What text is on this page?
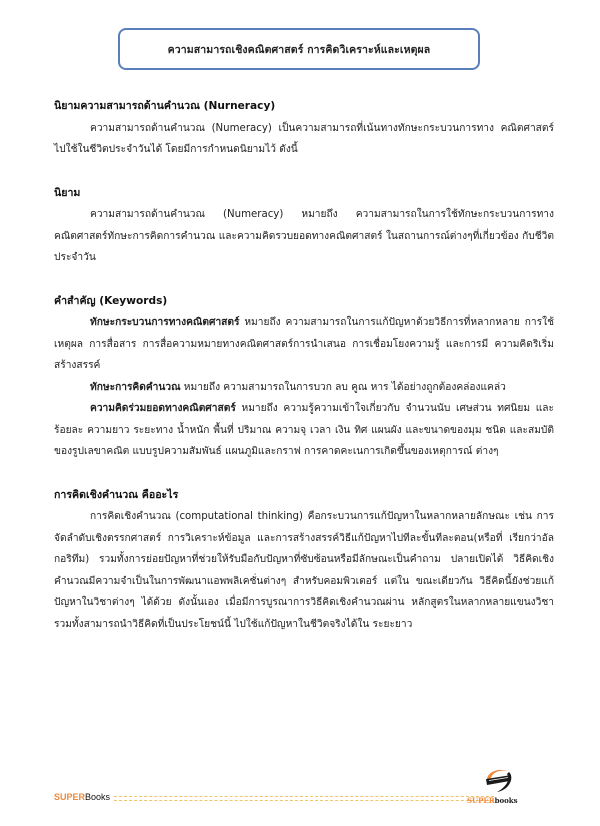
ความสามารถเชิงคณิตศาสตร์ การคิดวิเคราะห์และเหตุผล
นิยามความสามารถด้านคำนวณ (Nurneracy)
ความสามารถด้านคำนวณ (Numeracy) เป็นความสามารถที่เน้นทางทักษะกระบวนการทาง คณิตศาสตร์ไปใช้ในชีวิตประจำวันได้ โดยมีการกำหนดนิยามไว้ ดังนี้
นิยาม
ความสามารถด้านคำนวณ (Numeracy) หมายถึง ความสามารถในการใช้ทักษะกระบวนการทาง คณิตศาสตร์ทักษะการคิดการคำนวณ และความคิดรวบยอดทางคณิตศาสตร์ ในสถานการณ์ต่างๆที่เกี่ยวข้อง กับชีวิตประจำวัน
คำสำคัญ (Keywords)
ทักษะกระบวนการทางคณิตศาสตร์ หมายถึง ความสามารถในการแก้ปัญหาด้วยวิธีการที่หลากหลาย การใช้เหตุผล การสื่อสาร การสื่อความหมายทางคณิตศาสตร์การนำเสนอ การเชื่อมโยงความรู้ และการมี ความคิดริเริ่มสร้างสรรค์
ทักษะการคิดคำนวณ หมายถึง ความสามารถในการบวก ลบ คูณ หาร ได้อย่างถูกต้องคล่องแคล่ว
ความคิดร่วมยอดทางคณิตศาสตร์ หมายถึง ความรู้ความเข้าใจเกี่ยวกับ จำนวนนับ เศษส่วน ทศนิยม และร้อยละ ความยาว ระยะทาง น้ำหนัก พื้นที่ ปริมาณ ความจุ เวลา เงิน ทิศ แผนผัง และขนาดของมุม ชนิด และสมบัติของรูปเลขาคณิต แบบรูปความสัมพันธ์ แผนภูมิและกราฟ การคาดคะเนการเกิดขึ้นของเหตุการณ์ ต่างๆ
การคิดเชิงคำนวณ คืออะไร
การคิดเชิงคำนวณ (computational thinking) คือกระบวนการแก้ปัญหาในหลากหลายลักษณะ เช่น การจัดลำดับเชิงตรรกศาสตร์ การวิเคราะห์ข้อมูล และการสร้างสรรค์วิธีแก้ปัญหาไปทีละขั้นทีละตอน(หรือที่ เรียกว่าอัลกอริทึม) รวมทั้งการย่อยปัญหาที่ช่วยให้รับมือกับปัญหาที่ซับซ้อนหรือมีลักษณะเป็นคำถาม ปลายเปิดได้ วิธีคิดเชิงคำนวณมีความจำเป็นในการพัฒนาแอพพลิเคชั่นต่างๆ สำหรับคอมพิวเตอร์ แต่ใน ขณะเดียวกัน วิธีคิดนี้ยังช่วยแก้ปัญหาในวิชาต่างๆ ได้ด้วย ดังนั้นเอง เมื่อมีการบูรณาการวิธีคิดเชิงคำนวณผ่าน หลักสูตรในหลากหลายแขนงวิชา รวมทั้งสามารถนำวิธีคิดที่เป็นประโยชน์นี้ ไปใช้แก้ปัญหาในชีวิตจริงได้ใน ระยะยาว
SUPERBooks	SUPERbooks
